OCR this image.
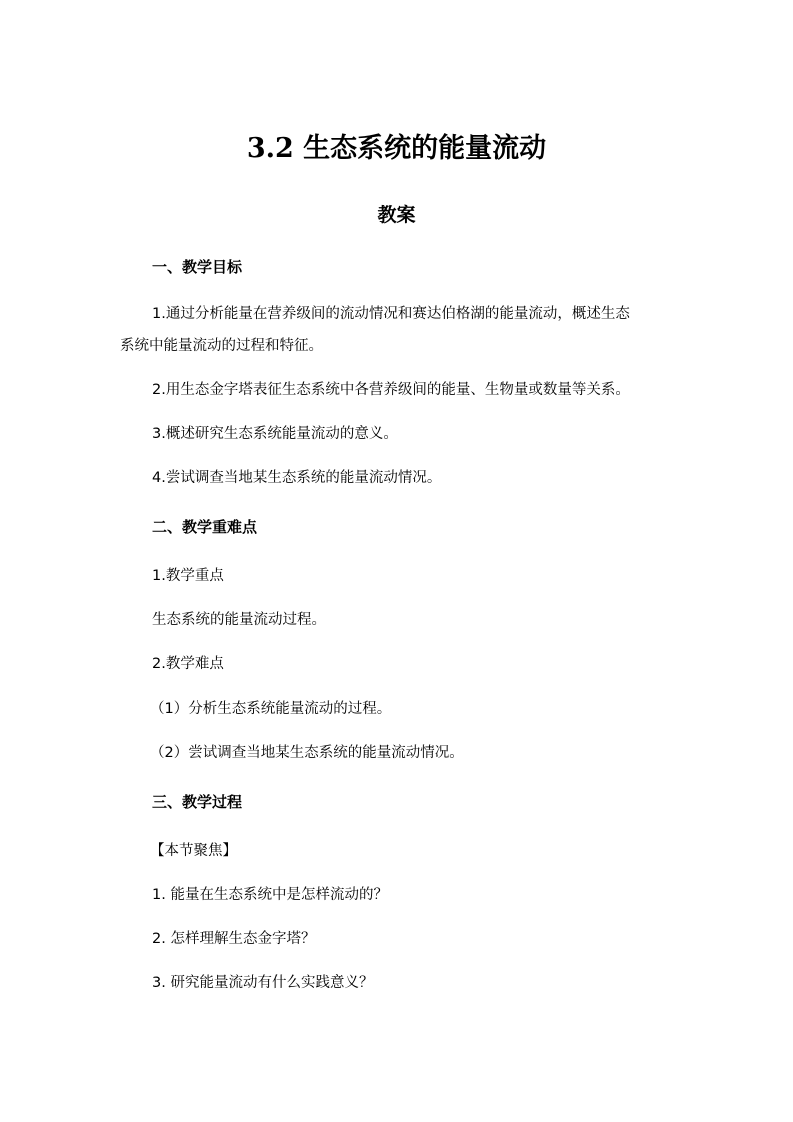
3.2 生态系统的能量流动
教案
一、教学目标
1.通过分析能量在营养级间的流动情况和赛达伯格湖的能量流动，概述生态
系统中能量流动的过程和特征。
2.用生态金字塔表征生态系统中各营养级间的能量、生物量或数量等关系。
3.概述研究生态系统能量流动的意义。
4.尝试调查当地某生态系统的能量流动情况。
二、教学重难点
1.教学重点
生态系统的能量流动过程。
2.教学难点
（1）分析生态系统能量流动的过程。
（2）尝试调查当地某生态系统的能量流动情况。
三、教学过程
【本节聚焦】
1. 能量在生态系统中是怎样流动的？
2. 怎样理解生态金字塔？
3. 研究能量流动有什么实践意义？
